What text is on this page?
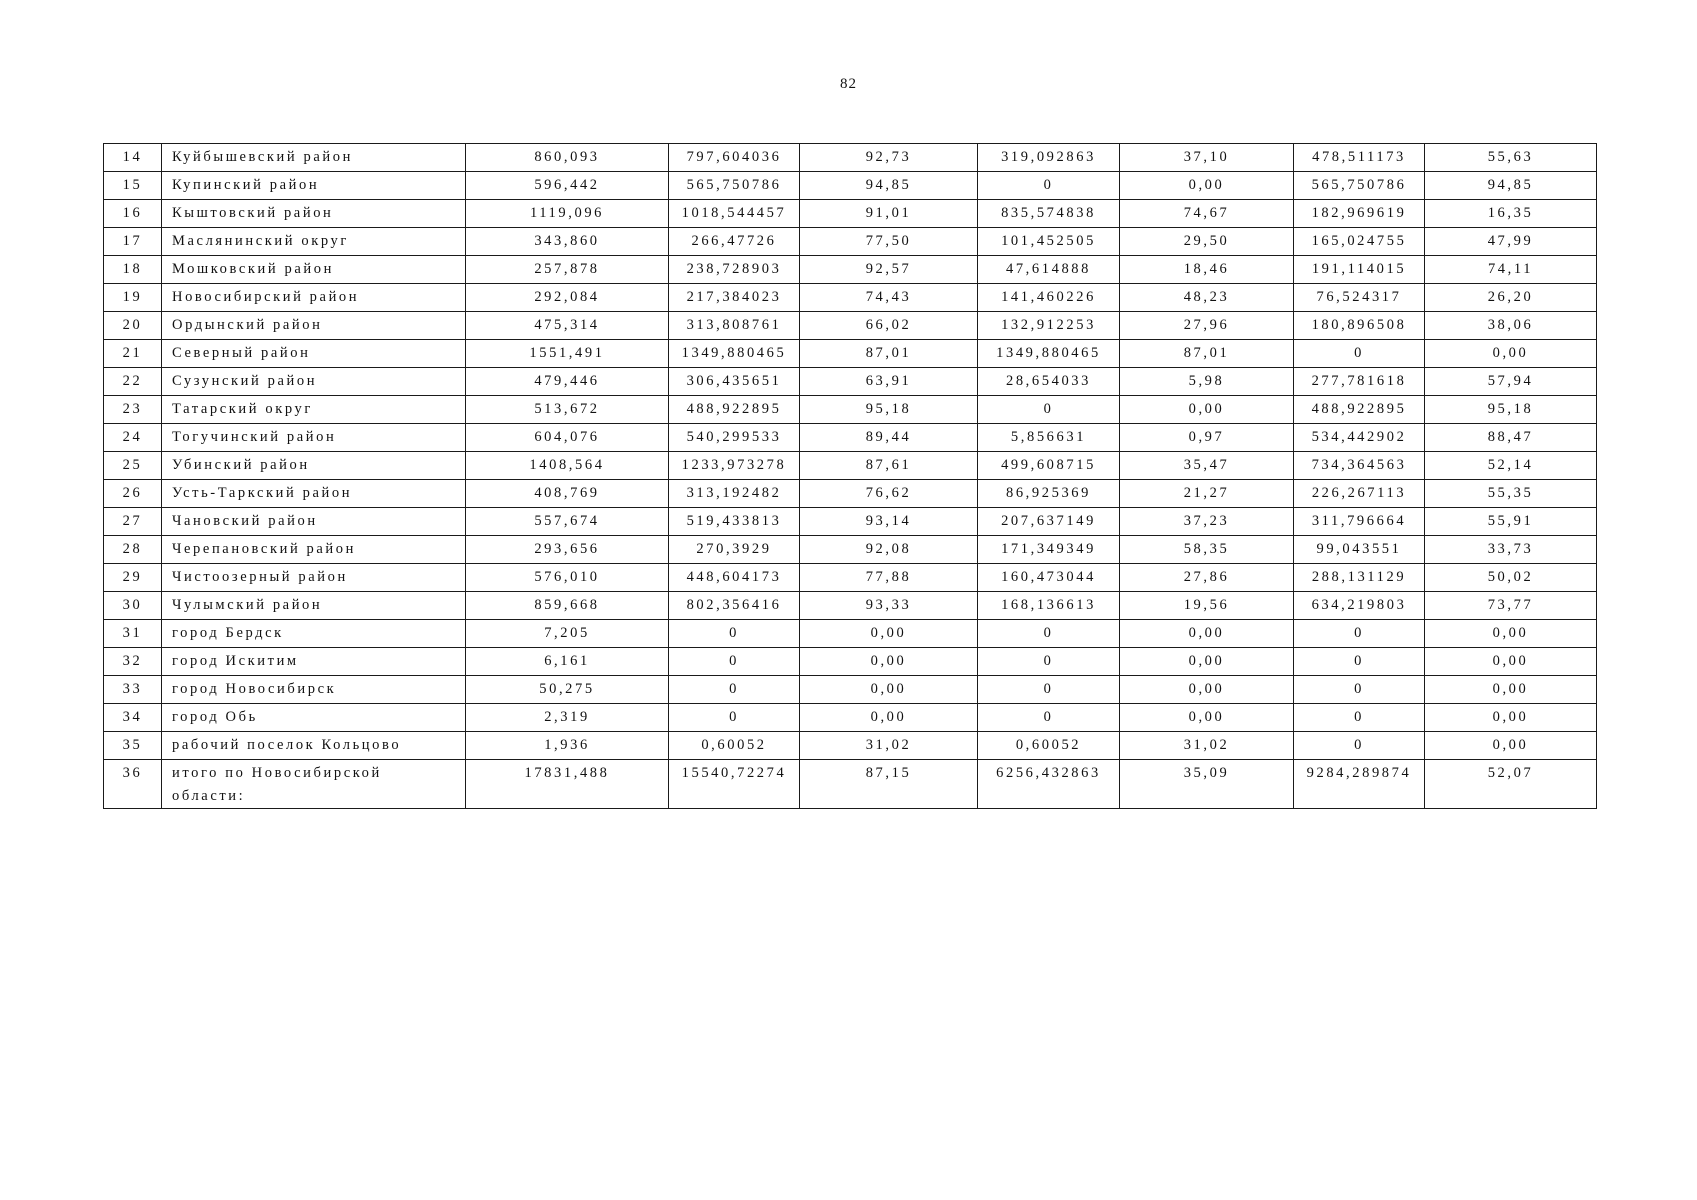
82
14	Куйбышевский район	860,093	797,604036	92,73	319,092863	37,10	478,511173	55,63
15	Купинский район	596,442	565,750786	94,85	0	0,00	565,750786	94,85
16	Кыштовский район	1119,096	1018,544457	91,01	835,574838	74,67	182,969619	16,35
17	Маслянинский округ	343,860	266,47726	77,50	101,452505	29,50	165,024755	47,99
18	Мошковский район	257,878	238,728903	92,57	47,614888	18,46	191,114015	74,11
19	Новосибирский район	292,084	217,384023	74,43	141,460226	48,23	76,524317	26,20
20	Ордынский район	475,314	313,808761	66,02	132,912253	27,96	180,896508	38,06
21	Северный район	1551,491	1349,880465	87,01	1349,880465	87,01	0	0,00
22	Сузунский район	479,446	306,435651	63,91	28,654033	5,98	277,781618	57,94
23	Татарский округ	513,672	488,922895	95,18	0	0,00	488,922895	95,18
24	Тогучинский район	604,076	540,299533	89,44	5,856631	0,97	534,442902	88,47
25	Убинский район	1408,564	1233,973278	87,61	499,608715	35,47	734,364563	52,14
26	Усть-Таркский район	408,769	313,192482	76,62	86,925369	21,27	226,267113	55,35
27	Чановский район	557,674	519,433813	93,14	207,637149	37,23	311,796664	55,91
28	Черепановский район	293,656	270,3929	92,08	171,349349	58,35	99,043551	33,73
29	Чистоозерный район	576,010	448,604173	77,88	160,473044	27,86	288,131129	50,02
30	Чулымский район	859,668	802,356416	93,33	168,136613	19,56	634,219803	73,77
31	город Бердск	7,205	0	0,00	0	0,00	0	0,00
32	город Искитим	6,161	0	0,00	0	0,00	0	0,00
33	город Новосибирск	50,275	0	0,00	0	0,00	0	0,00
34	город Обь	2,319	0	0,00	0	0,00	0	0,00
35	рабочий поселок Кольцово	1,936	0,60052	31,02	0,60052	31,02	0	0,00
36	итого по Новосибирской области:	17831,488	15540,72274	87,15	6256,432863	35,09	9284,289874	52,07
